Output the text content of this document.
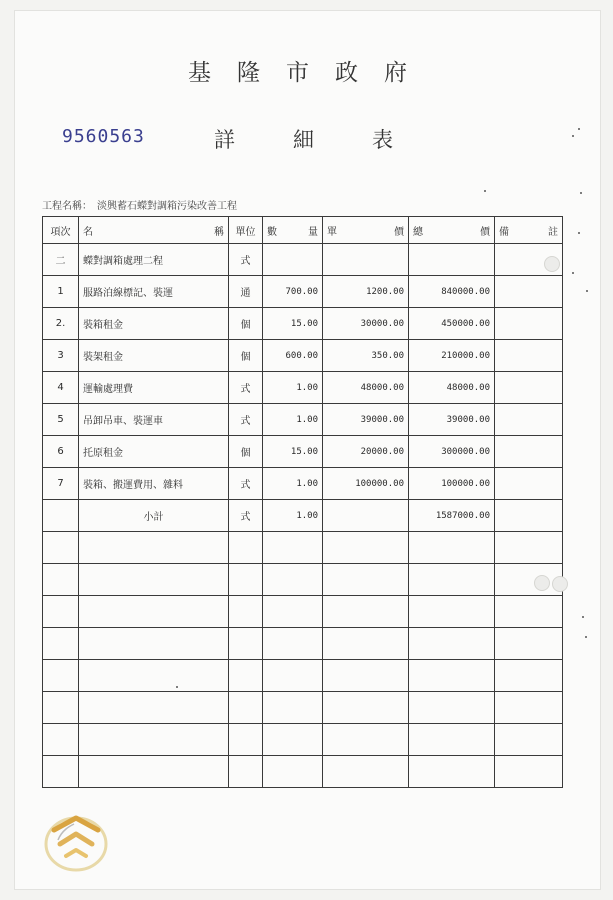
基隆市政府
9560563	詳細表
工程名稱：　淡興蓄石蠑對調箱污染改善工程
項次	名 稱	單位	數 量	單 價	總 價	備 註

二	蠑對調箱處理二程	式				
1	服路泊線標記、裝運	通	700.00	1200.00	840000.00	
2.	裝箱租金	個	15.00	30000.00	450000.00	
3	裝架租金	個	600.00	350.00	210000.00	
4	運輸處理費	式	1.00	48000.00	48000.00	
5	吊卸吊車、裝運車	式	1.00	39000.00	39000.00	
6	托原租金	個	15.00	20000.00	300000.00	
7	裝箱、搬運費用、雜料	式	1.00	100000.00	100000.00	
	小計	式	1.00		1587000.00	
